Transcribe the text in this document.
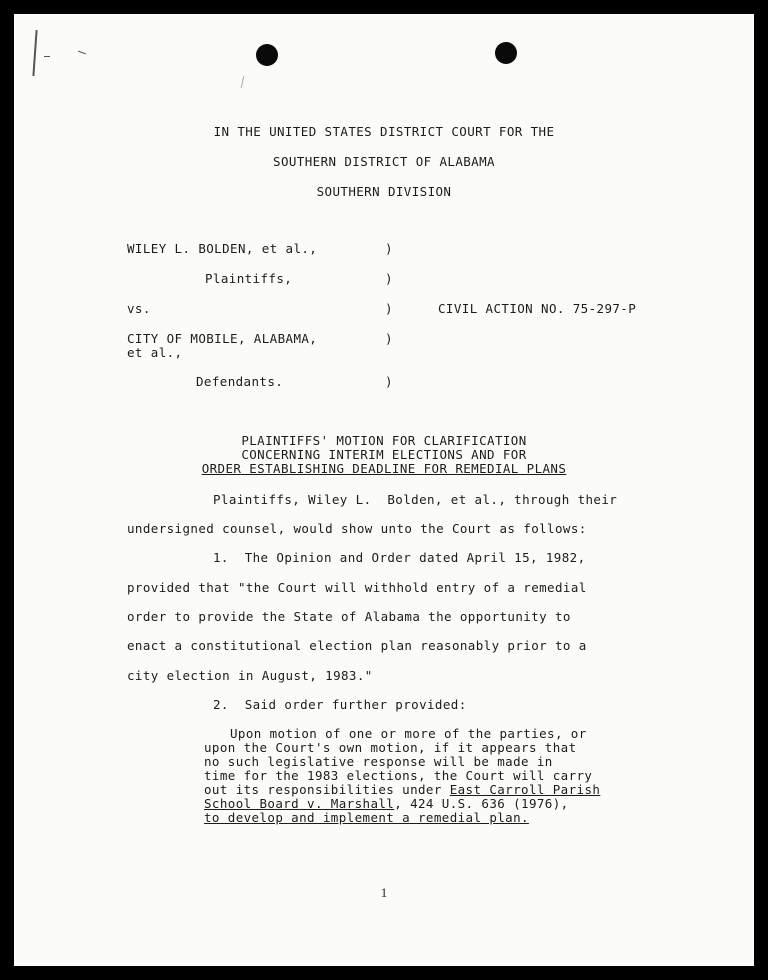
IN THE UNITED STATES DISTRICT COURT FOR THE
SOUTHERN DISTRICT OF ALABAMA
SOUTHERN DIVISION
WILEY L. BOLDEN, et al.,
Plaintiffs,
vs.
CITY OF MOBILE, ALABAMA,
et al.,
Defendants.
)
)
)
)
)
CIVIL ACTION NO. 75-297-P
PLAINTIFFS' MOTION FOR CLARIFICATION
CONCERNING INTERIM ELECTIONS AND FOR
ORDER ESTABLISHING DEADLINE FOR REMEDIAL PLANS
Plaintiffs, Wiley L.  Bolden, et al., through their
undersigned counsel, would show unto the Court as follows:
1.  The Opinion and Order dated April 15, 1982,
provided that "the Court will withhold entry of a remedial
order to provide the State of Alabama the opportunity to
enact a constitutional election plan reasonably prior to a
city election in August, 1983."
2.  Said order further provided:
Upon motion of one or more of the parties, or
upon the Court's own motion, if it appears that
no such legislative response will be made in
time for the 1983 elections, the Court will carry
out its responsibilities under East Carroll Parish
School Board v. Marshall, 424 U.S. 636 (1976),
to develop and implement a remedial plan.
1
